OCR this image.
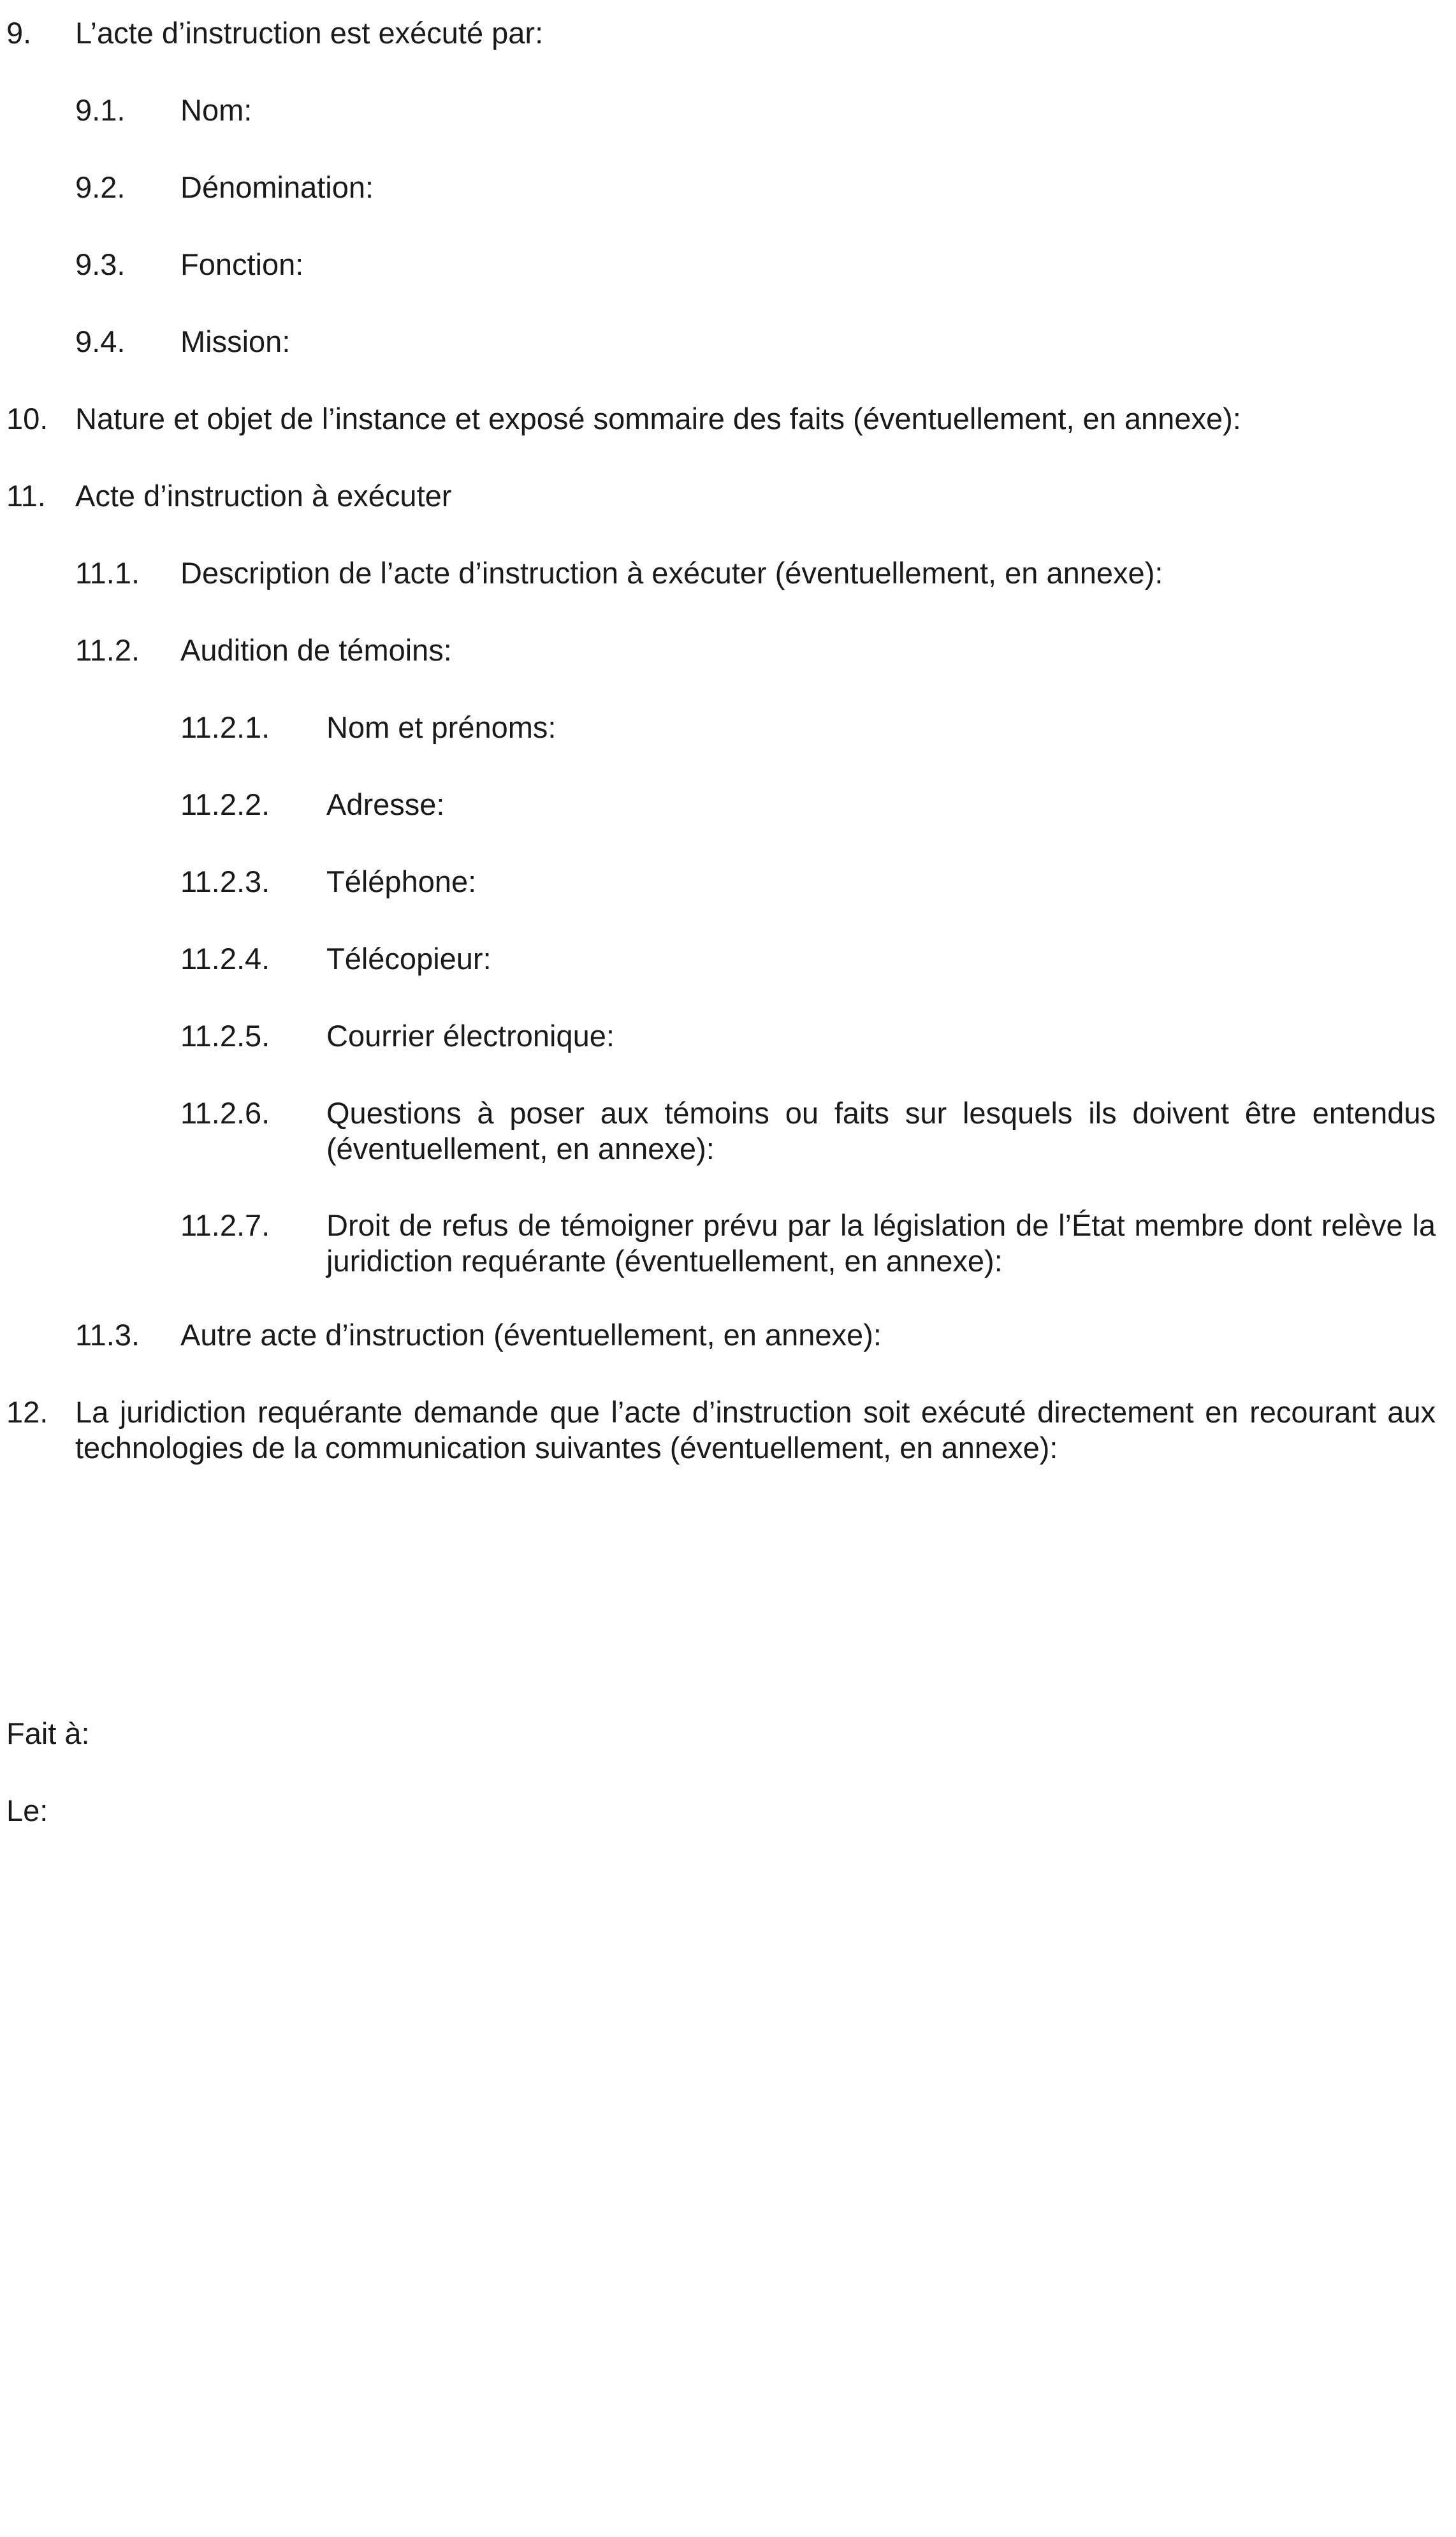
9. L’acte d’instruction est exécuté par:
9.1. Nom:
9.2. Dénomination:
9.3. Fonction:
9.4. Mission:
10. Nature et objet de l’instance et exposé sommaire des faits (éventuellement, en annexe):
11. Acte d’instruction à exécuter
11.1. Description de l’acte d’instruction à exécuter (éventuellement, en annexe):
11.2. Audition de témoins:
11.2.1. Nom et prénoms:
11.2.2. Adresse:
11.2.3. Téléphone:
11.2.4. Télécopieur:
11.2.5. Courrier électronique:
11.2.6. Questions à poser aux témoins ou faits sur lesquels ils doivent être entendus (éventuellement, en annexe):
11.2.7. Droit de refus de témoigner prévu par la législation de l’État membre dont relève la juridiction requérante (éventuellement, en annexe):
11.3. Autre acte d’instruction (éventuellement, en annexe):
12. La juridiction requérante demande que l’acte d’instruction soit exécuté directement en recourant aux technologies de la communication suivantes (éventuellement, en annexe):
Fait à:
Le:
